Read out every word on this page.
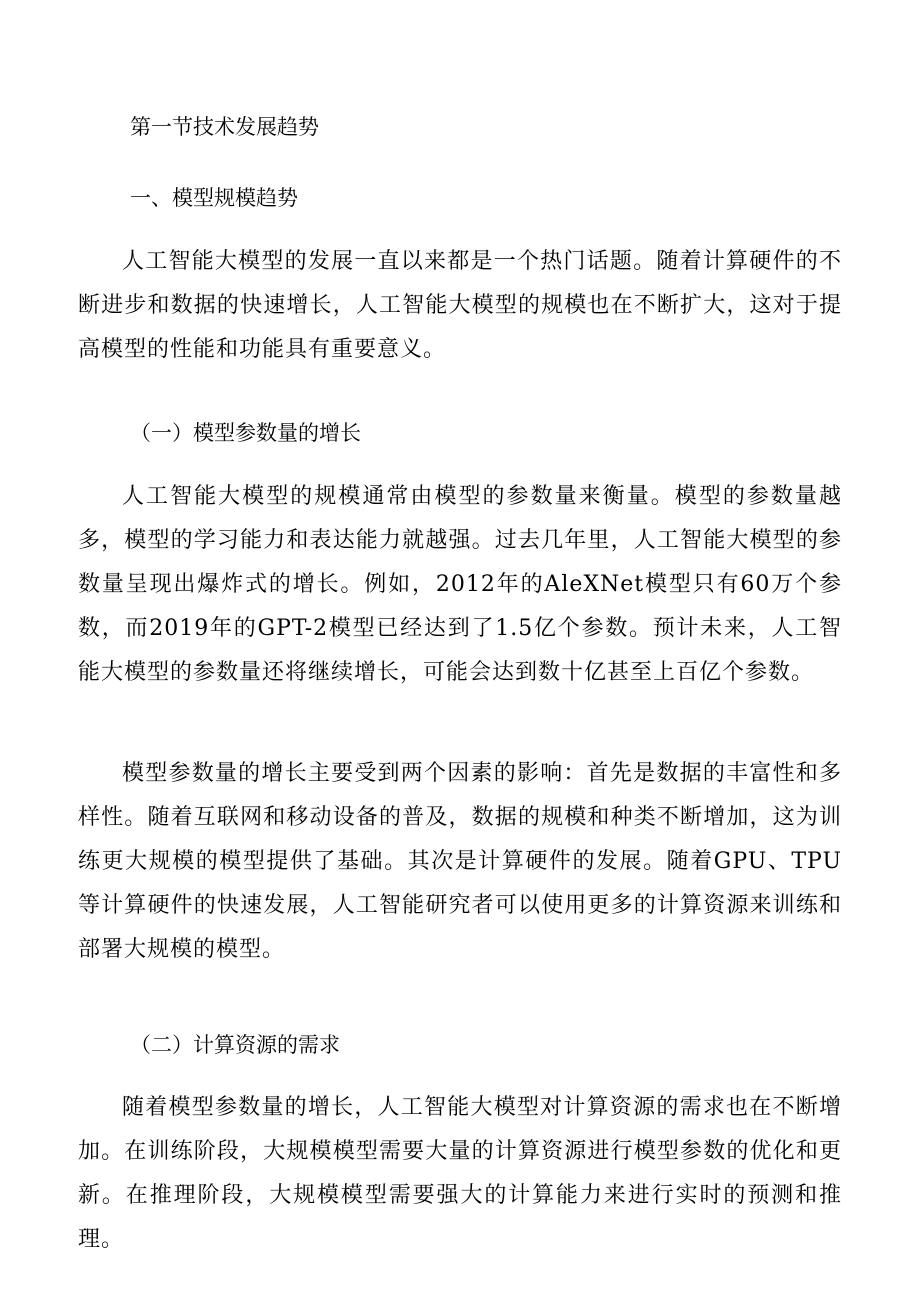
第一节技术发展趋势
一、模型规模趋势
人工智能大模型的发展一直以来都是一个热门话题。随着计算硬件的不断进步和数据的快速增长，人工智能大模型的规模也在不断扩大，这对于提高模型的性能和功能具有重要意义。
（一）模型参数量的增长
人工智能大模型的规模通常由模型的参数量来衡量。模型的参数量越多，模型的学习能力和表达能力就越强。过去几年里，人工智能大模型的参数量呈现出爆炸式的增长。例如，2012年的AleXNet模型只有60万个参数，而2019年的GPT-2模型已经达到了1.5亿个参数。预计未来，人工智能大模型的参数量还将继续增长，可能会达到数十亿甚至上百亿个参数。
模型参数量的增长主要受到两个因素的影响：首先是数据的丰富性和多样性。随着互联网和移动设备的普及，数据的规模和种类不断增加，这为训练更大规模的模型提供了基础。其次是计算硬件的发展。随着GPU、TPU等计算硬件的快速发展，人工智能研究者可以使用更多的计算资源来训练和部署大规模的模型。
（二）计算资源的需求
随着模型参数量的增长，人工智能大模型对计算资源的需求也在不断增加。在训练阶段，大规模模型需要大量的计算资源进行模型参数的优化和更新。在推理阶段，大规模模型需要强大的计算能力来进行实时的预测和推理。
